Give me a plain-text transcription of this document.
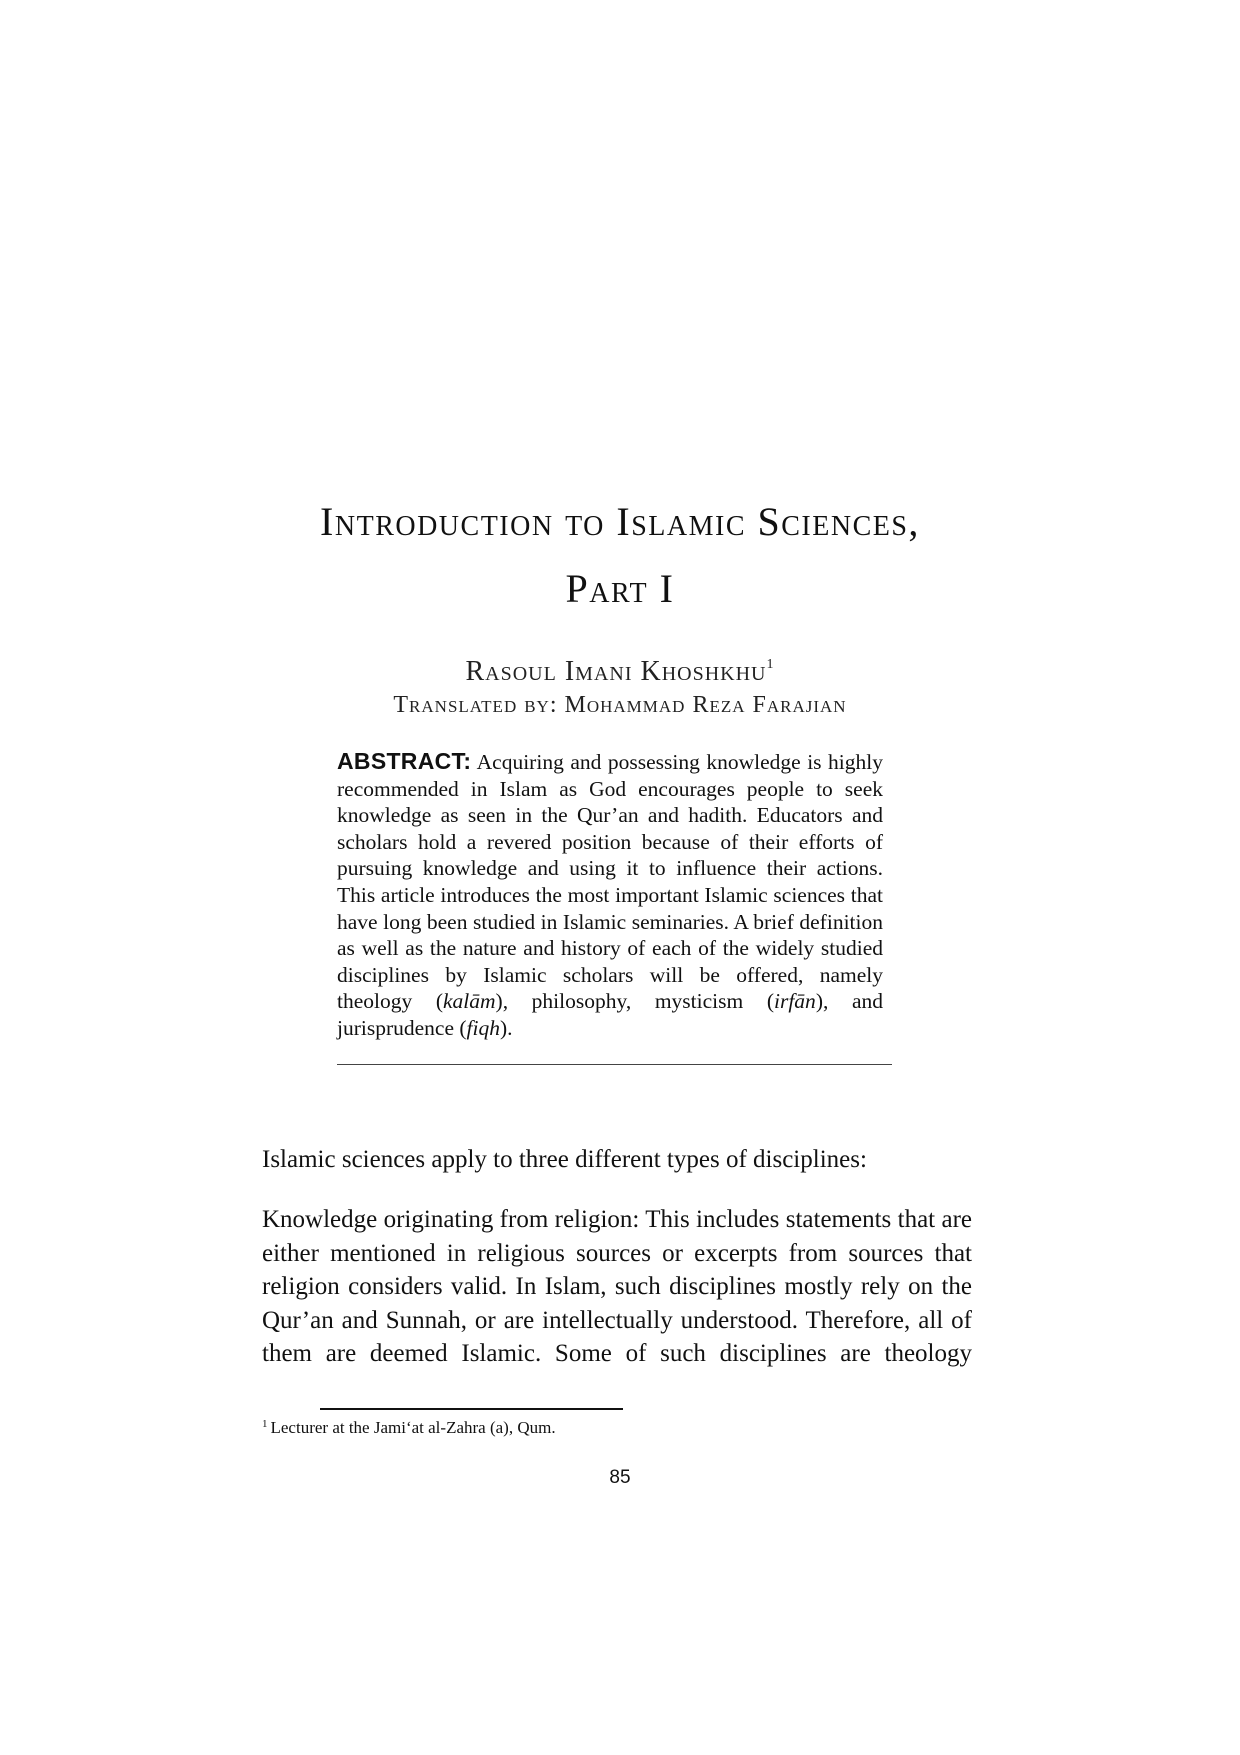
Introduction to Islamic Sciences,
Part I
Rasoul Imani Khoshkhu$^1$
Translated by: Mohammad Reza Farajian
ABSTRACT: Acquiring and possessing knowledge is highly recommended in Islam as God encourages people to seek knowledge as seen in the Qur’an and hadith. Educators and scholars hold a revered position because of their efforts of pursuing knowledge and using it to influence their actions. This article introduces the most important Islamic sciences that have long been studied in Islamic seminaries. A brief definition as well as the nature and history of each of the widely studied disciplines by Islamic scholars will be offered, namely theology (kalām), philosophy, mysticism (irfān), and jurisprudence (fiqh).

Islamic sciences apply to three different types of disciplines:

Knowledge originating from religion: This includes statements that are either mentioned in religious sources or excerpts from sources that religion considers valid. In Islam, such disciplines mostly rely on the Qur’an and Sunnah, or are intellectually understood. Therefore, all of them are deemed Islamic. Some of such disciplines are theology

$^1$ Lecturer at the Jami‘at al-Zahra (a), Qum.
85
